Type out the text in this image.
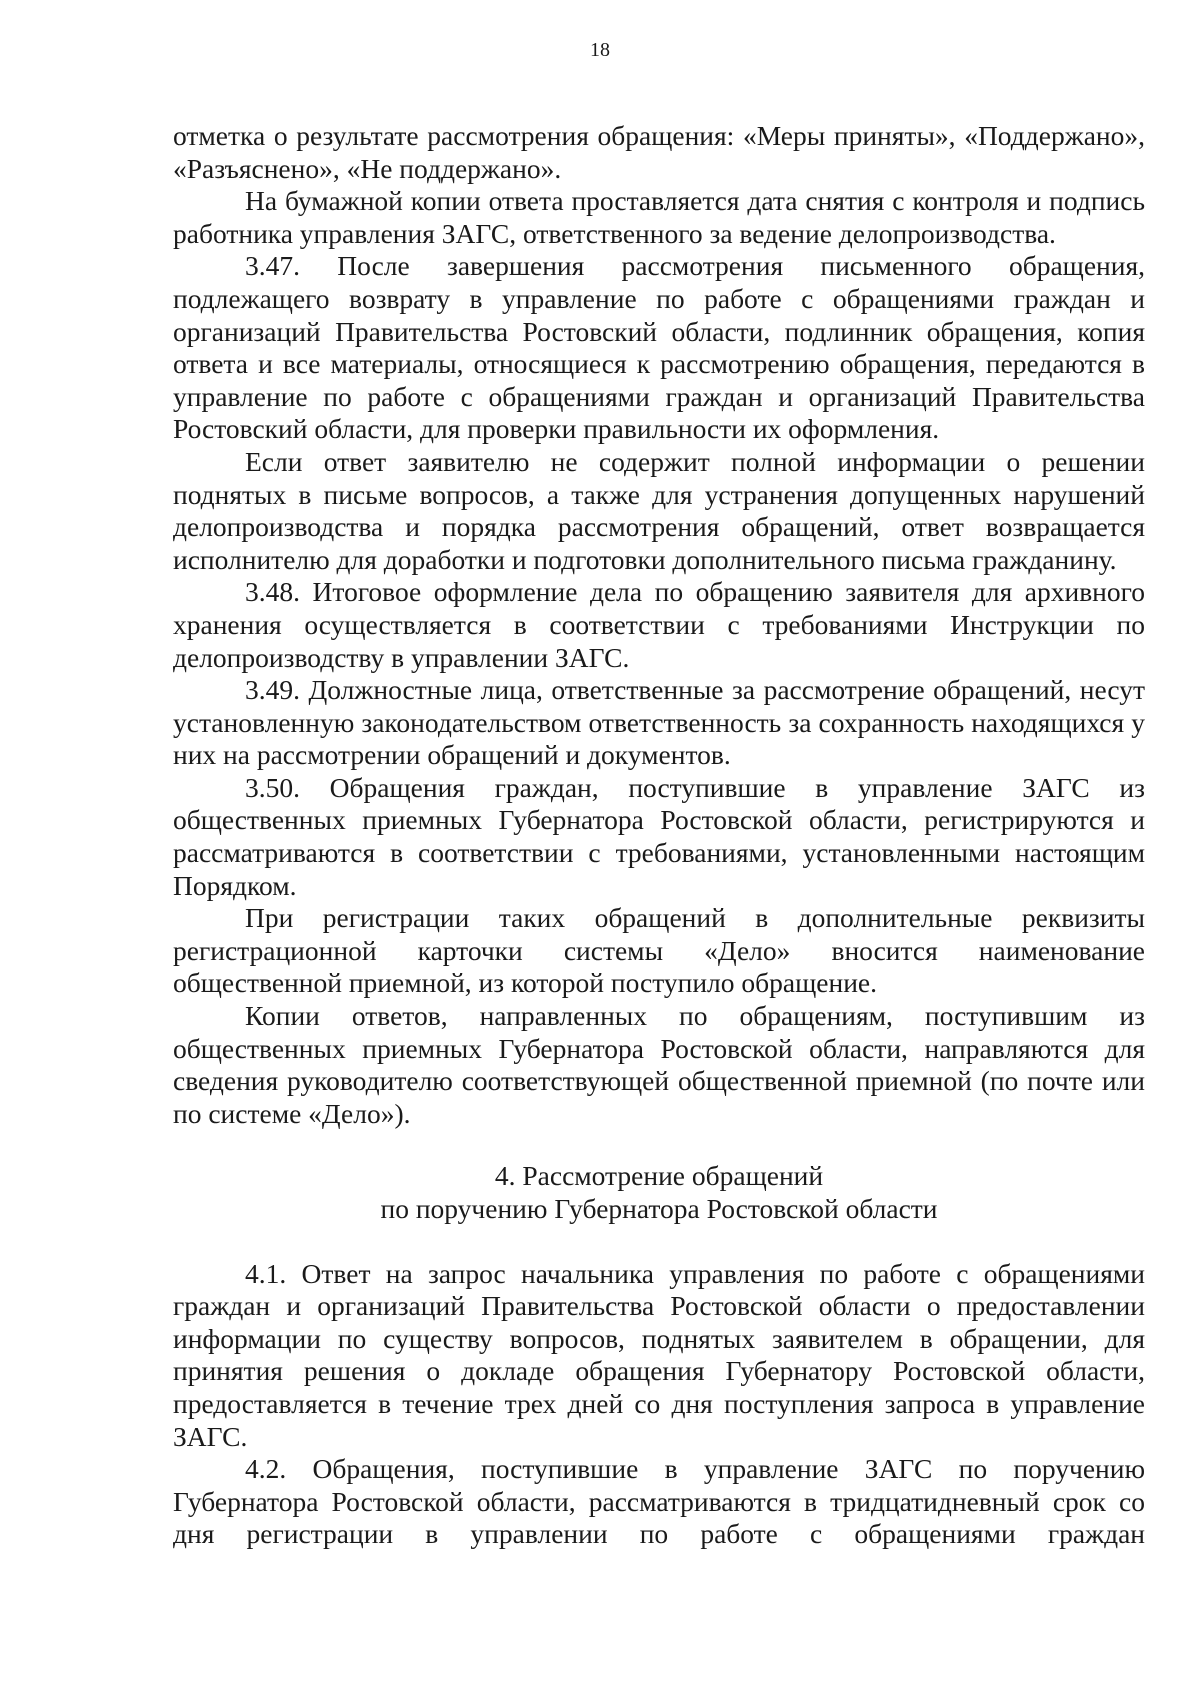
18

отметка о результате рассмотрения обращения: «Меры приняты», «Поддержано», «Разъяснено», «Не поддержано».

На бумажной копии ответа проставляется дата снятия с контроля и подпись работника управления ЗАГС, ответственного за ведение делопроизводства.

3.47. После завершения рассмотрения письменного обращения, подлежащего возврату в управление по работе с обращениями граждан и организаций Правительства Ростовский области, подлинник обращения, копия ответа и все материалы, относящиеся к рассмотрению обращения, передаются в управление по работе с обращениями граждан и организаций Правительства Ростовский области, для проверки правильности их оформления.

Если ответ заявителю не содержит полной информации о решении поднятых в письме вопросов, а также для устранения допущенных нарушений делопроизводства и порядка рассмотрения обращений, ответ возвращается исполнителю для доработки и подготовки дополнительного письма гражданину.

3.48. Итоговое оформление дела по обращению заявителя для архивного хранения осуществляется в соответствии с требованиями Инструкции по делопроизводству в управлении ЗАГС.

3.49. Должностные лица, ответственные за рассмотрение обращений, несут установленную законодательством ответственность за сохранность находящихся у них на рассмотрении обращений и документов.

3.50. Обращения граждан, поступившие в управление ЗАГС из общественных приемных Губернатора Ростовской области, регистрируются и рассматриваются в соответствии с требованиями, установленными настоящим Порядком.

При регистрации таких обращений в дополнительные реквизиты регистрационной карточки системы «Дело» вносится наименование общественной приемной, из которой поступило обращение.

Копии ответов, направленных по обращениям, поступившим из общественных приемных Губернатора Ростовской области, направляются для сведения руководителю соответствующей общественной приемной (по почте или по системе «Дело»).

4. Рассмотрение обращений
по поручению Губернатора Ростовской области

4.1. Ответ на запрос начальника управления по работе с обращениями граждан и организаций Правительства Ростовской области о предоставлении информации по существу вопросов, поднятых заявителем в обращении, для принятия решения о докладе обращения Губернатору Ростовской области, предоставляется в течение трех дней со дня поступления запроса в управление ЗАГС.

4.2. Обращения, поступившие в управление ЗАГС по поручению Губернатора Ростовской области, рассматриваются в тридцатидневный срок со дня регистрации в управлении по работе с обращениями граждан
